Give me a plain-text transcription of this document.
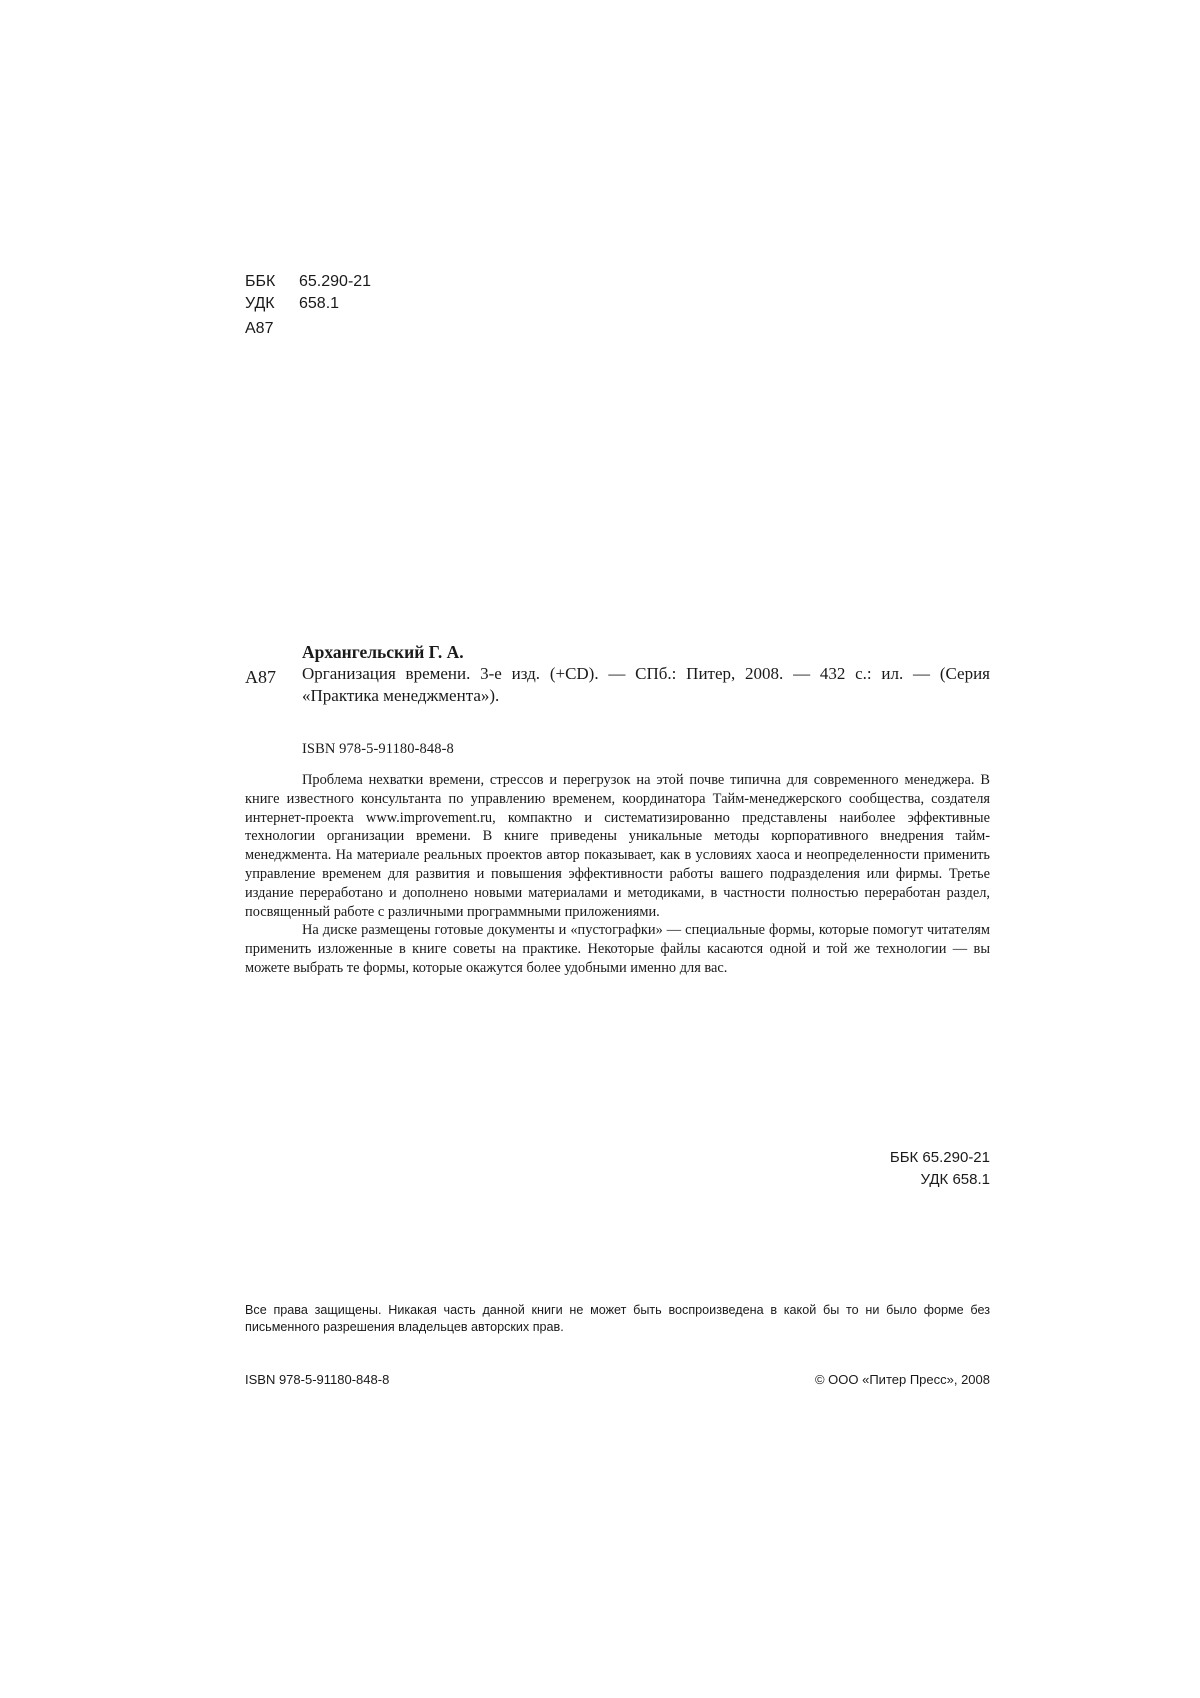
ББК	65.290-21
УДК	658.1
А87
А87
Архангельский Г. А.
Организация времени. 3-е изд. (+CD). — СПб.: Питер, 2008. — 432 с.: ил. — (Серия «Практика менеджмента»).
ISBN 978-5-91180-848-8

Проблема нехватки времени, стрессов и перегрузок на этой почве типична для современного менеджера. В книге известного консультанта по управлению временем, координатора Тайм-менеджерского сообщества, создателя интернет-проекта www.improvement.ru, компактно и систематизированно представлены наиболее эффективные технологии организации времени. В книге приведены уникальные методы корпоративного внедрения тайм-менеджмента. На материале реальных проектов автор показывает, как в условиях хаоса и неопределенности применить управление временем для развития и повышения эффективности работы вашего подразделения или фирмы. Третье издание переработано и дополнено новыми материалами и методиками, в частности полностью переработан раздел, посвященный работе с различными программными приложениями.

На диске размещены готовые документы и «пустографки» — специальные формы, которые помогут читателям применить изложенные в книге советы на практике. Некоторые файлы касаются одной и той же технологии — вы можете выбрать те формы, которые окажутся более удобными именно для вас.

ББК 65.290-21
УДК 658.1
Все права защищены. Никакая часть данной книги не может быть воспроизведена в какой бы то ни было форме без письменного разрешения владельцев авторских прав.
ISBN 978-5-91180-848-8	© ООО «Питер Пресс», 2008
